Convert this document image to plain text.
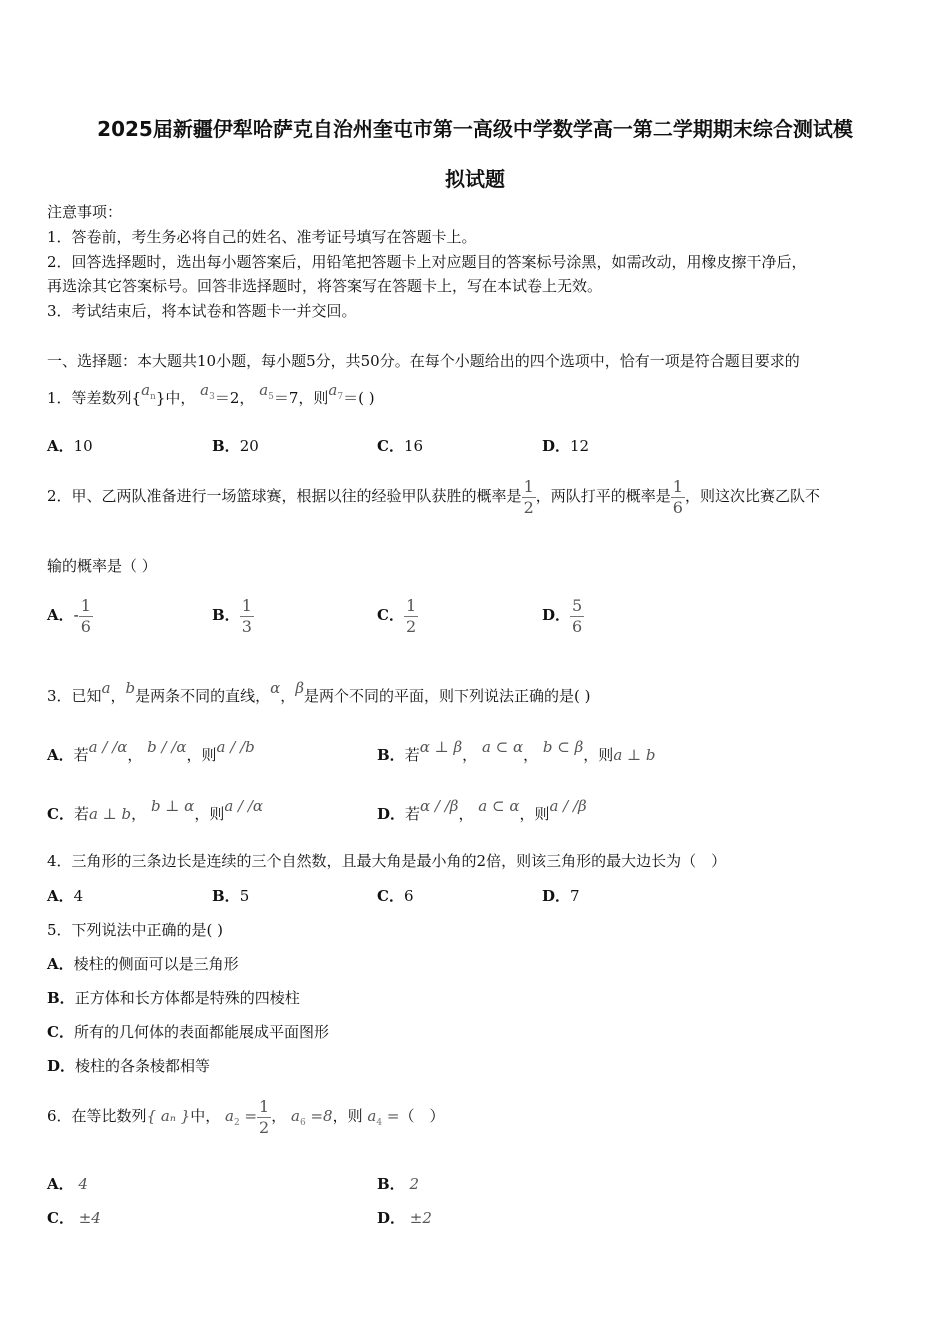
2025届新疆伊犁哈萨克自治州奎屯市第一高级中学数学高一第二学期期末综合测试模
拟试题
注意事项：
1．答卷前，考生务必将自己的姓名、准考证号填写在答题卡上。
2．回答选择题时，选出每小题答案后，用铅笔把答题卡上对应题目的答案标号涂黑，如需改动，用橡皮擦干净后，
再选涂其它答案标号。回答非选择题时，将答案写在答题卡上，写在本试卷上无效。
3．考试结束后，将本试卷和答题卡一并交回。
一、选择题：本大题共10小题，每小题5分，共50分。在每个小题给出的四个选项中，恰有一项是符合题目要求的
1．等差数列$\{a_n\}$中， $a_3=2$， $a_5=7$，则$a_7=$( )
A．10	B．20	C．16	D．12
2．甲、乙两队准备进行一场篮球赛，根据以往的经验甲队获胜的概率是 $\frac{1}{2}$ ，两队打平的概率是 $\frac{1}{6}$ ，则这次比赛乙队不
输的概率是（ ）
A．- $\frac{1}{6}$	B． $\frac{1}{3}$	C． $\frac{1}{2}$	D． $\frac{5}{6}$
3．已知a，b是两条不同的直线，α，β是两个不同的平面，则下列说法正确的是( )
A．若a / /α， b / /α，则a / /b	B．若α ⊥ β， a ⊂ α， b ⊂ β，则a ⊥ b
C．若a ⊥ b， b ⊥ α，则a / /α	D．若α / /β， a ⊂ α，则a / /β
4．三角形的三条边长是连续的三个自然数，且最大角是最小角的2倍，则该三角形的最大边长为（　）
A．4	B．5	C．6	D．7
5．下列说法中正确的是( )
A．棱柱的侧面可以是三角形
B．正方体和长方体都是特殊的四棱柱
C．所有的几何体的表面都能展成平面图形
D．棱柱的各条棱都相等
6．在等比数列{ aₙ }中， $a_2 = \frac{1}{2}$ ， $a_6 =8$，则 $a_4$ =（　）
A． 4	B． 2
C． ±4	D． ±2
